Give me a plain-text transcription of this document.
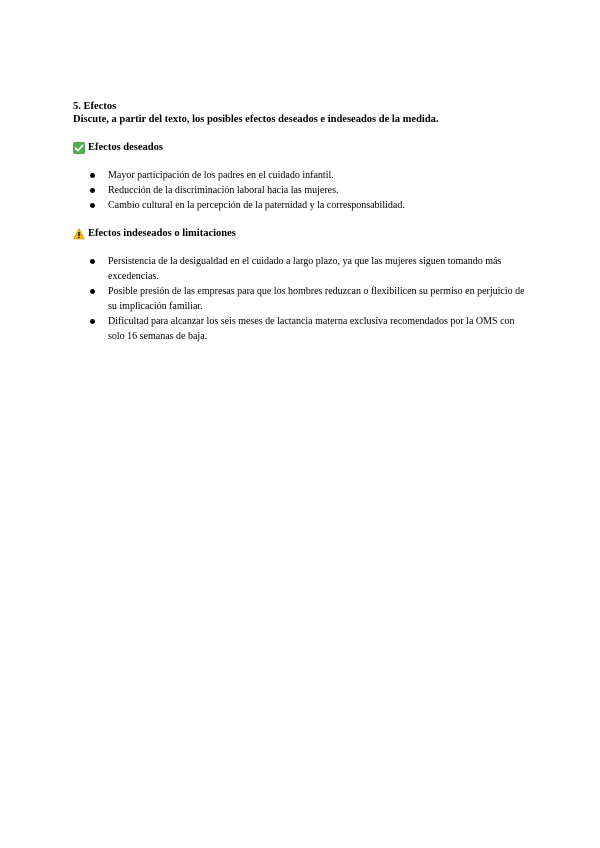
5. Efectos

Discute, a partir del texto, los posibles efectos deseados e indeseados de la medida.

Efectos deseados
Mayor participación de los padres en el cuidado infantil.
Reducción de la discriminación laboral hacia las mujeres.
Cambio cultural en la percepción de la paternidad y la corresponsabilidad.
Efectos indeseados o limitaciones
Persistencia de la desigualdad en el cuidado a largo plazo, ya que las mujeres siguen tomando más excedencias.
Posible presión de las empresas para que los hombres reduzcan o flexibilicen su permiso en perjuicio de su implicación familiar.
Dificultad para alcanzar los seis meses de lactancia materna exclusiva recomendados por la OMS con solo 16 semanas de baja.
